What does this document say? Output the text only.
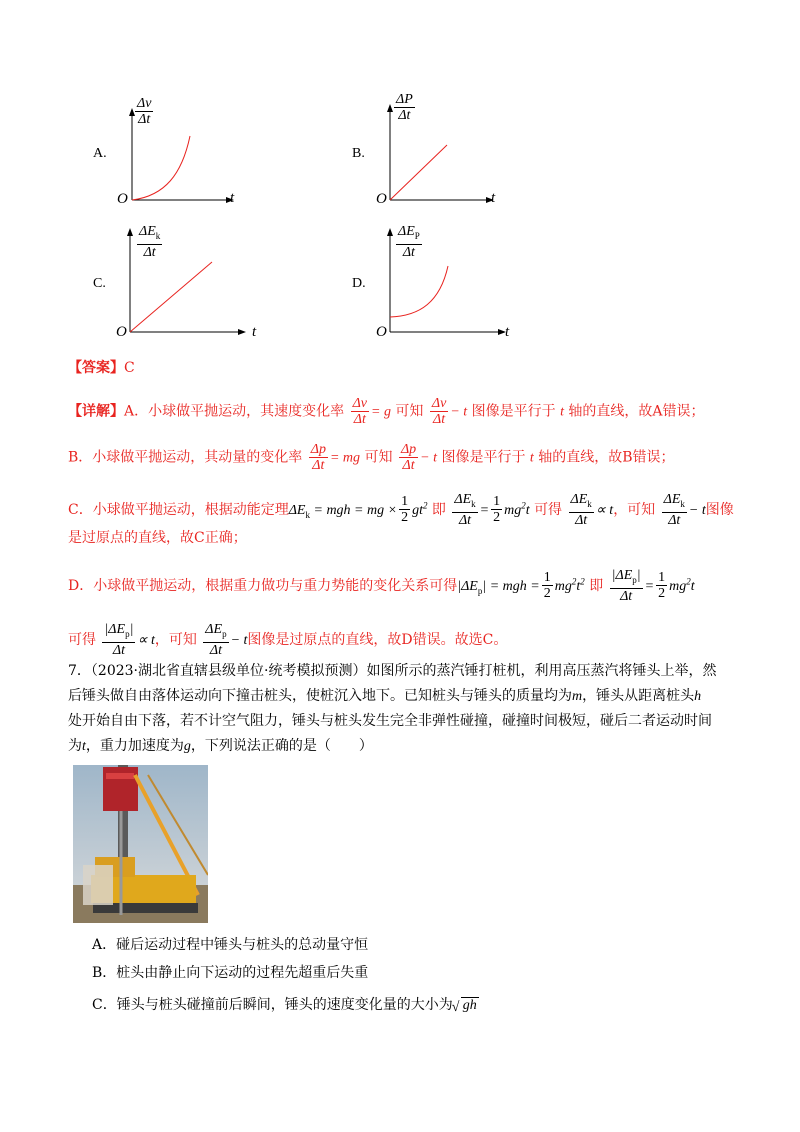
A.
$\frac{\Delta v}{\Delta t}$
O	t
B.
$\frac{\Delta P}{\Delta t}$
O	t
C.
$\Delta E_k$
Δt
O	t
D.
$\Delta E_P$
Δt
O	t
【答案】C
【详解】A．小球做平抛运动，其速度变化率 $\frac{\Delta v}{\Delta t} = g$ 可知 $\frac{\Delta v}{\Delta t} - t$ 图像是平行于 t 轴的直线，故A错误；
B．小球做平抛运动，其动量的变化率 $\frac{\Delta p}{\Delta t}$ = mg 可知 $\frac{\Delta p}{\Delta t} - t$ 图像是平行于 t 轴的直线，故B错误；
C．小球做平抛运动，根据动能定理$\Delta E_k$ = mgh = mg × $\frac{1}{2} gt^2$ 即 $\frac{\Delta E_k}{\Delta t} = \frac{1}{2} mg^2t$ 可得 $\frac{\Delta E_k}{\Delta t} \propto t$，可知 $\frac{\Delta E_k}{\Delta t} - t$图像
是过原点的直线，故C正确；
D．小球做平抛运动，根据重力做功与重力势能的变化关系可得$|\Delta E_p|$ = mgh = $\frac{1}{2} mg^2t^2$ 即 $\frac{|\Delta E_p|}{\Delta t} = \frac{1}{2} mg^2t$
可得 $\frac{|\Delta E_p|}{\Delta t} \propto t$，可知 $\frac{\Delta E_p}{\Delta t} - t$图像是过原点的直线，故D错误。故选C。
7．（2023·湖北省直辖县级单位·统考模拟预测）如图所示的蒸汽锤打桩机，利用高压蒸汽将锤头上举，然
后锤头做自由落体运动向下撞击桩头，使桩沉入地下。已知桩头与锤头的质量均为m，锤头从距离桩头h
处开始自由下落，若不计空气阻力，锤头与桩头发生完全非弹性碰撞，碰撞时间极短，碰后二者运动时间
为t，重力加速度为g，下列说法正确的是（　　）
A．碰后运动过程中锤头与桩头的总动量守恒
B．桩头由静止向下运动的过程先超重后失重
C．锤头与桩头碰撞前后瞬间，锤头的速度变化量的大小为 gh
√
